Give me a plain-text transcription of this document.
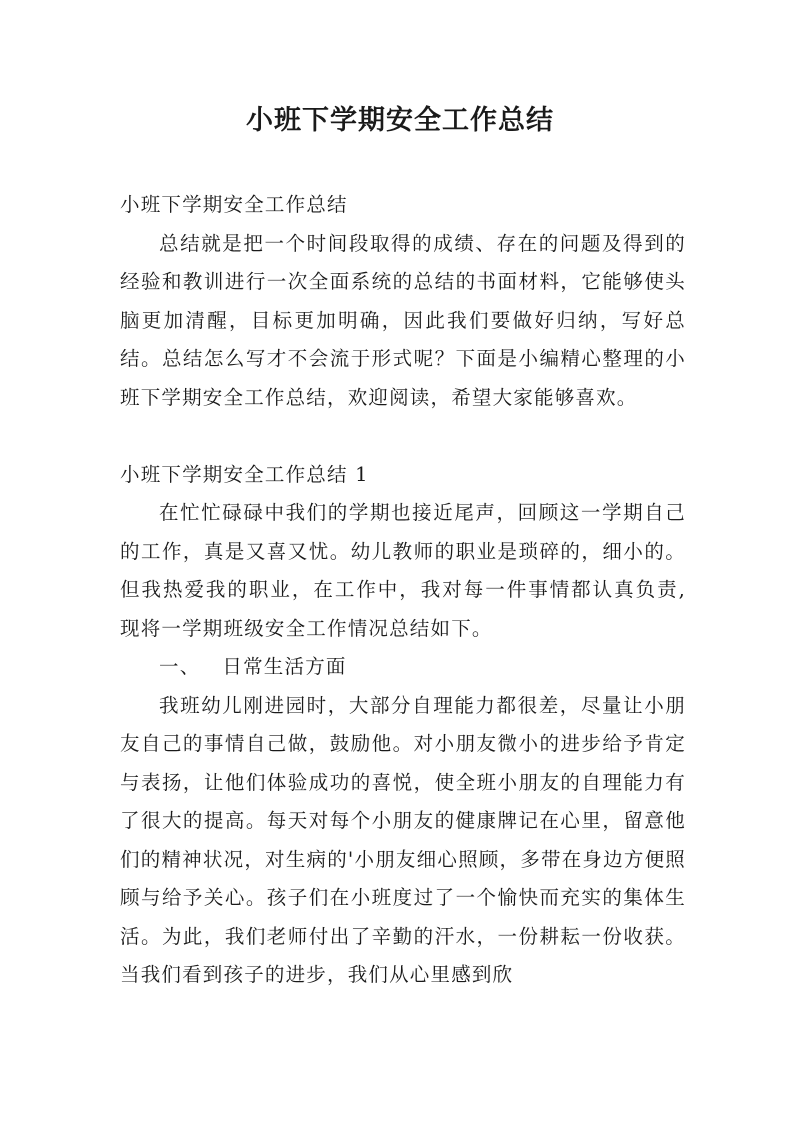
小班下学期安全工作总结

小班下学期安全工作总结

总结就是把一个时间段取得的成绩、存在的问题及得到的经验和教训进行一次全面系统的总结的书面材料，它能够使头脑更加清醒，目标更加明确，因此我们要做好归纳，写好总结。总结怎么写才不会流于形式呢？下面是小编精心整理的小班下学期安全工作总结，欢迎阅读，希望大家能够喜欢。

小班下学期安全工作总结 1

在忙忙碌碌中我们的学期也接近尾声，回顾这一学期自己的工作，真是又喜又忧。幼儿教师的职业是琐碎的，细小的。但我热爱我的职业，在工作中，我对每一件事情都认真负责,现将一学期班级安全工作情况总结如下。

一、 日常生活方面

我班幼儿刚进园时，大部分自理能力都很差，尽量让小朋友自己的事情自己做，鼓励他。对小朋友微小的进步给予肯定与表扬，让他们体验成功的喜悦，使全班小朋友的自理能力有了很大的提高。每天对每个小朋友的健康牌记在心里，留意他们的精神状况，对生病的'小朋友细心照顾，多带在身边方便照顾与给予关心。孩子们在小班度过了一个愉快而充实的集体生活。为此，我们老师付出了辛勤的汗水，一份耕耘一份收获。当我们看到孩子的进步，我们从心里感到欣
